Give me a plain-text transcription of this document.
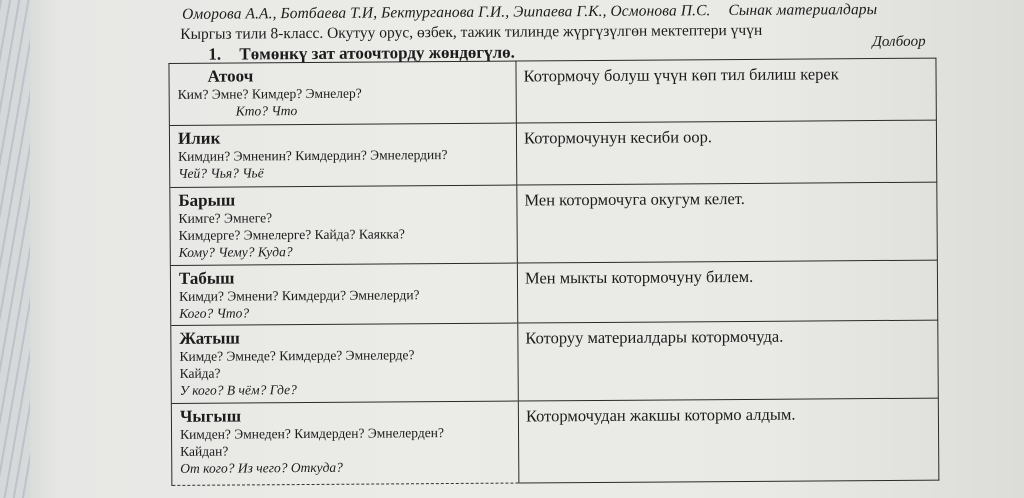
Оморова А.А., Ботбаева Т.И, Бектурганова Г.И., Эшпаева Г.К., Осмонова П.С. Сынак материалдары
Кыргыз тили 8-класс. Окутуу орус, өзбек, тажик тилинде жүргүзүлгөн мектептери үчүн	Долбоор
1. Төмөнкү зат атоочторду жөндөгүлө.
Атооч
Ким? Эмне? Кимдер? Эмнелер?
Кто? Что	Котормочу болуш үчүн көп тил билиш керек

Илик
Кимдин? Эмненин? Кимдердин? Эмнелердин?
Чей? Чья? Чьё	Котормочунун кесиби оор.

Барыш
Кимге? Эмнеге?
Кимдерге? Эмнелерге? Кайда? Каякка?
Кому? Чему? Куда?	Мен котормочуга окугум келет.

Табыш
Кимди? Эмнени? Кимдерди? Эмнелерди?
Кого? Что?	Мен мыкты котормочуну билем.

Жатыш
Кимде? Эмнеде? Кимдерде? Эмнелерде?
Кайда?
У кого? В чём? Где?	Которуу материалдары котормочуда.

Чыгыш
Кимден? Эмнеден? Кимдерден? Эмнелерден?
Кайдан?
От кого? Из чего? Откуда?	Котормочудан жакшы котормо алдым.
